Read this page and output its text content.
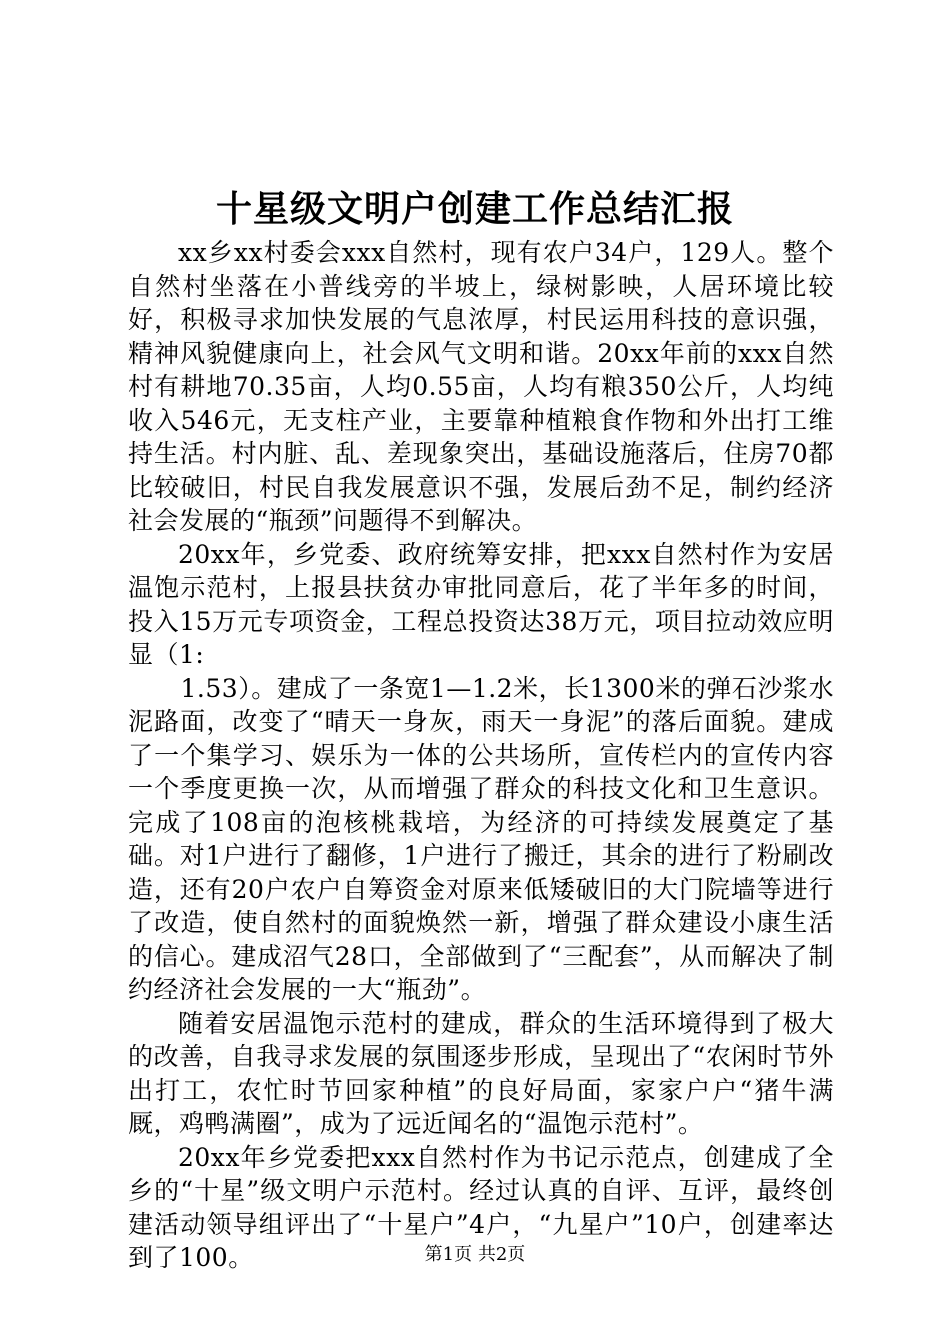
十星级文明户创建工作总结汇报

xx乡xx村委会xxx自然村，现有农户34户，129人。整个自然村坐落在小普线旁的半坡上，绿树影映，人居环境比较好，积极寻求加快发展的气息浓厚，村民运用科技的意识强，精神风貌健康向上，社会风气文明和谐。20xx年前的xxx自然村有耕地70.35亩，人均0.55亩，人均有粮350公斤，人均纯收入546元，无支柱产业，主要靠种植粮食作物和外出打工维持生活。村内脏、乱、差现象突出，基础设施落后，住房70都比较破旧，村民自我发展意识不强，发展后劲不足，制约经济社会发展的“瓶颈”问题得不到解决。

20xx年，乡党委、政府统筹安排，把xxx自然村作为安居温饱示范村，上报县扶贫办审批同意后，花了半年多的时间，投入15万元专项资金，工程总投资达38万元，项目拉动效应明显（1:

1.53）。建成了一条宽1—1.2米，长1300米的弹石沙浆水泥路面，改变了“晴天一身灰，雨天一身泥”的落后面貌。建成了一个集学习、娱乐为一体的公共场所，宣传栏内的宣传内容一个季度更换一次，从而增强了群众的科技文化和卫生意识。完成了108亩的泡核桃栽培，为经济的可持续发展奠定了基础。对1户进行了翻修，1户进行了搬迁，其余的进行了粉刷改造，还有20户农户自筹资金对原来低矮破旧的大门院墙等进行了改造，使自然村的面貌焕然一新，增强了群众建设小康生活的信心。建成沼气28口，全部做到了“三配套”，从而解决了制约经济社会发展的一大“瓶劲”。

随着安居温饱示范村的建成，群众的生活环境得到了极大的改善，自我寻求发展的氛围逐步形成，呈现出了“农闲时节外出打工，农忙时节回家种植”的良好局面，家家户户“猪牛满厩，鸡鸭满圈”，成为了远近闻名的“温饱示范村”。

20xx年乡党委把xxx自然村作为书记示范点，创建成了全乡的“十星”级文明户示范村。经过认真的自评、互评，最终创建活动领导组评出了“十星户”4户，“九星户”10户，创建率达到了100。	第1页 共2页
